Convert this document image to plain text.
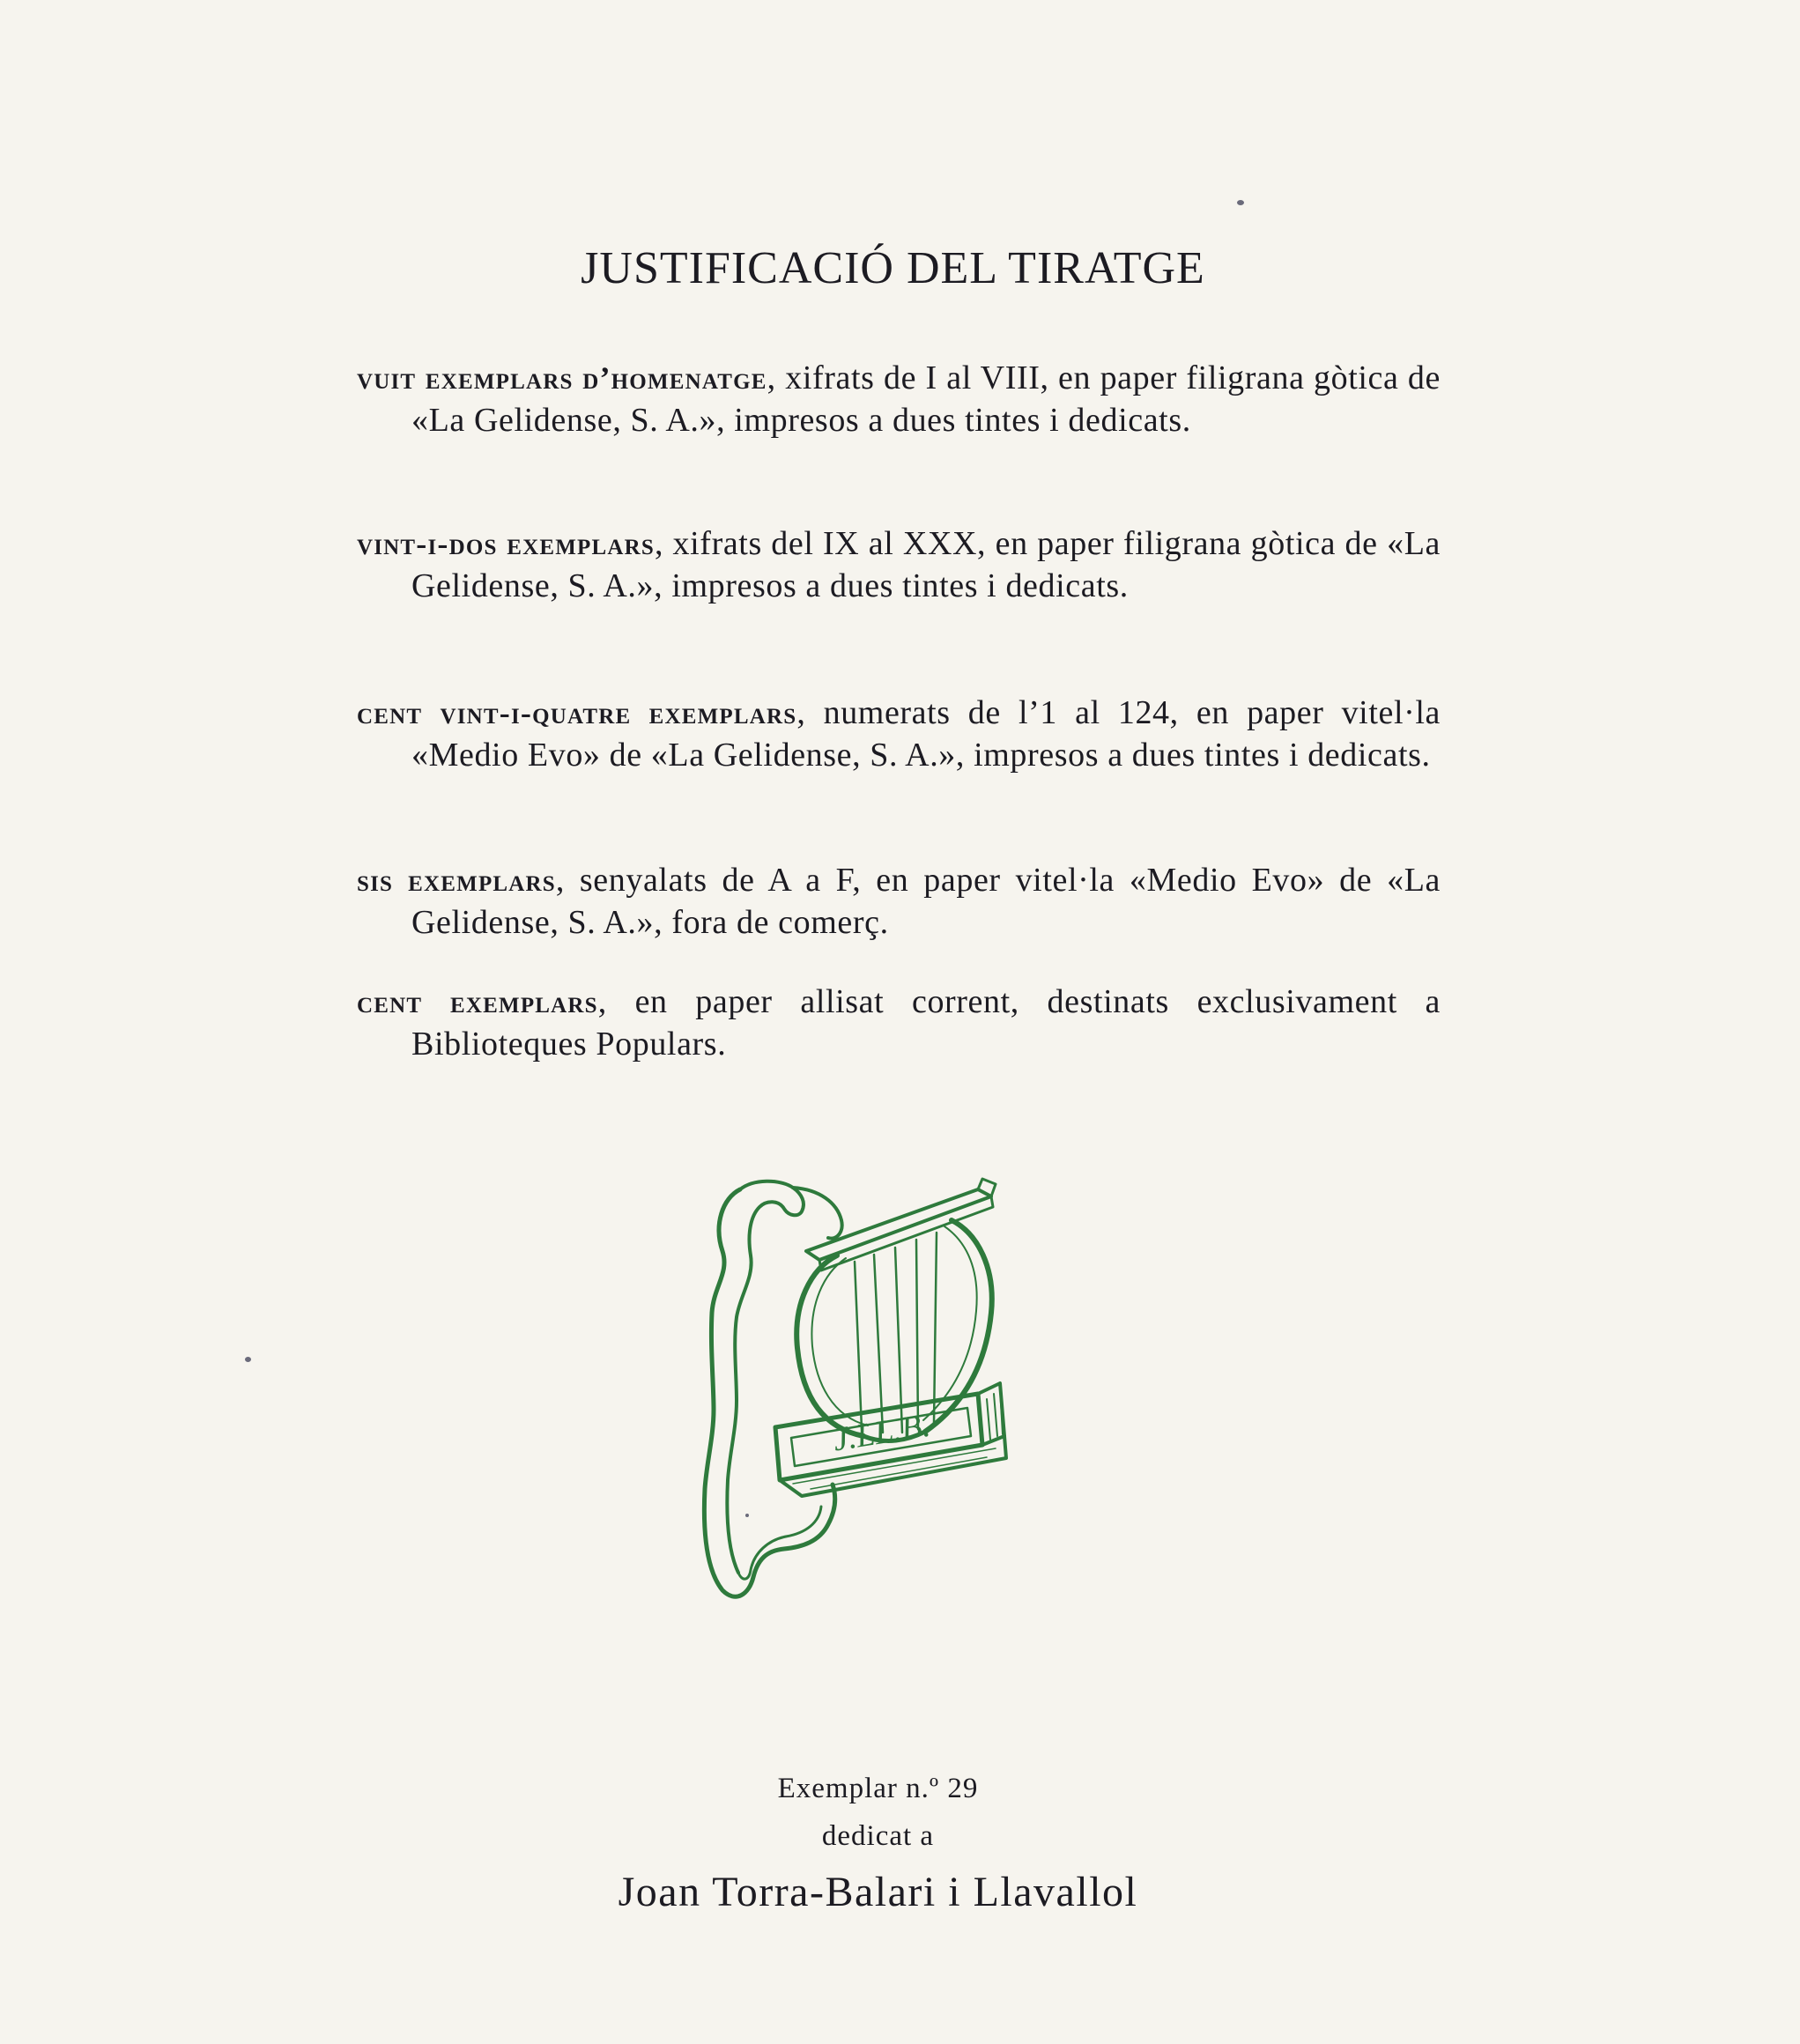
JUSTIFICACIÓ DEL TIRATGE

vuit exemplars d’homenatge, xifrats de I al VIII, en paper filigrana gòtica de «La Gelidense, S. A.», impresos a dues tintes i dedicats.

vint-i-dos exemplars, xifrats del IX al XXX, en paper filigrana gòtica de «La Gelidense, S. A.», impresos a dues tintes i dedicats.

cent vint-i-quatre exemplars, numerats de l’1 al 124, en paper vitel·la «Medio Evo» de «La Gelidense, S. A.», impresos a dues tintes i dedicats.

sis exemplars, senyalats de A a F, en paper vitel·la «Medio Evo» de «La Gelidense, S. A.», fora de comerç.

cent exemplars, en paper allisat corrent, destinats exclusivament a Biblioteques Populars.

J.LL.B.
Exemplar n.º 29
dedicat a
Joan Torra-Balari i Llavallol
